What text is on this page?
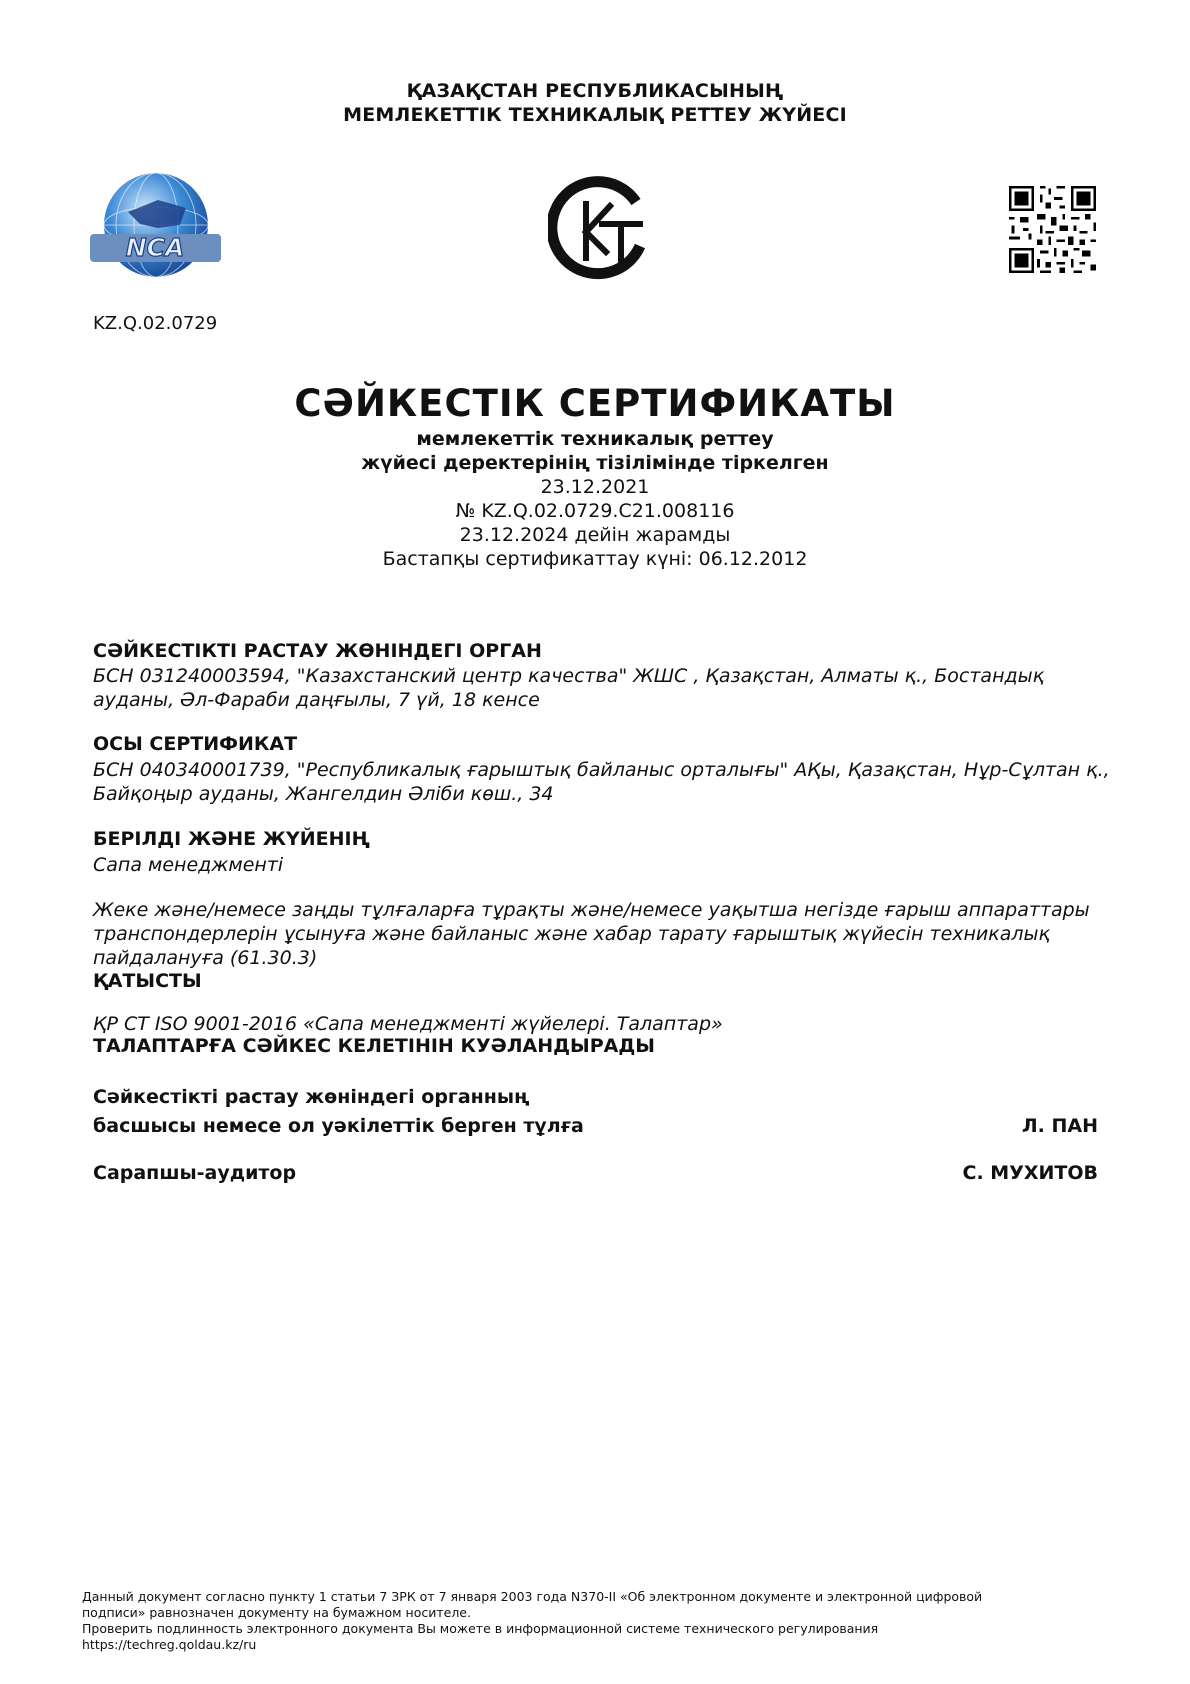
ҚАЗАҚСТАН РЕСПУБЛИКАСЫНЫҢ
МЕМЛЕКЕТТІК ТЕХНИКАЛЫҚ РЕТТЕУ ЖҮЙЕСІ
NCA
KZ.Q.02.0729
СӘЙКЕСТІК СЕРТИФИКАТЫ
мемлекеттік техникалық реттеу
жүйесі деректерінің тізілімінде тіркелген
23.12.2021
№ KZ.Q.02.0729.C21.008116
23.12.2024 дейін жарамды
Бастапқы сертификаттау күні: 06.12.2012
СӘЙКЕСТІКТІ РАСТАУ ЖӨНІНДЕГІ ОРГАН
БСН 031240003594, "Казахстанский центр качества" ЖШС , Қазақстан, Алматы қ., Бостандық ауданы, Әл-Фараби даңғылы, 7 үй, 18 кенсе
ОСЫ СЕРТИФИКАТ
БСН 040340001739, "Республикалық ғарыштық байланыс орталығы" АҚы, Қазақстан, Нұр-Сұлтан қ., Байқоңыр ауданы, Жангелдин Әліби көш., 34
БЕРІЛДІ ЖӘНЕ ЖҮЙЕНІҢ
Сапа менеджменті
Жеке және/немесе заңды тұлғаларға тұрақты және/немесе уақытша негізде ғарыш аппараттары транспондерлерін ұсынуға және байланыс және хабар тарату ғарыштық жүйесін техникалық пайдалануға (61.30.3)
ҚАТЫСТЫ
ҚР СТ ISO 9001-2016 «Сапа менеджменті жүйелері. Талаптар»
ТАЛАПТАРҒА СӘЙКЕС КЕЛЕТІНІН КУӘЛАНДЫРАДЫ
Сәйкестікті растау жөніндегі органның
басшысы немесе ол уәкілеттік берген тұлға	Л. ПАН
Сарапшы-аудитор	С. МУХИТОВ
Данный документ согласно пункту 1 статьи 7 ЗРК от 7 января 2003 года N370-II «Об электронном документе и электронной цифровой
подписи» равнозначен документу на бумажном носителе.
Проверить подлинность электронного документа Вы можете в информационной системе технического регулирования
https://techreg.qoldau.kz/ru
